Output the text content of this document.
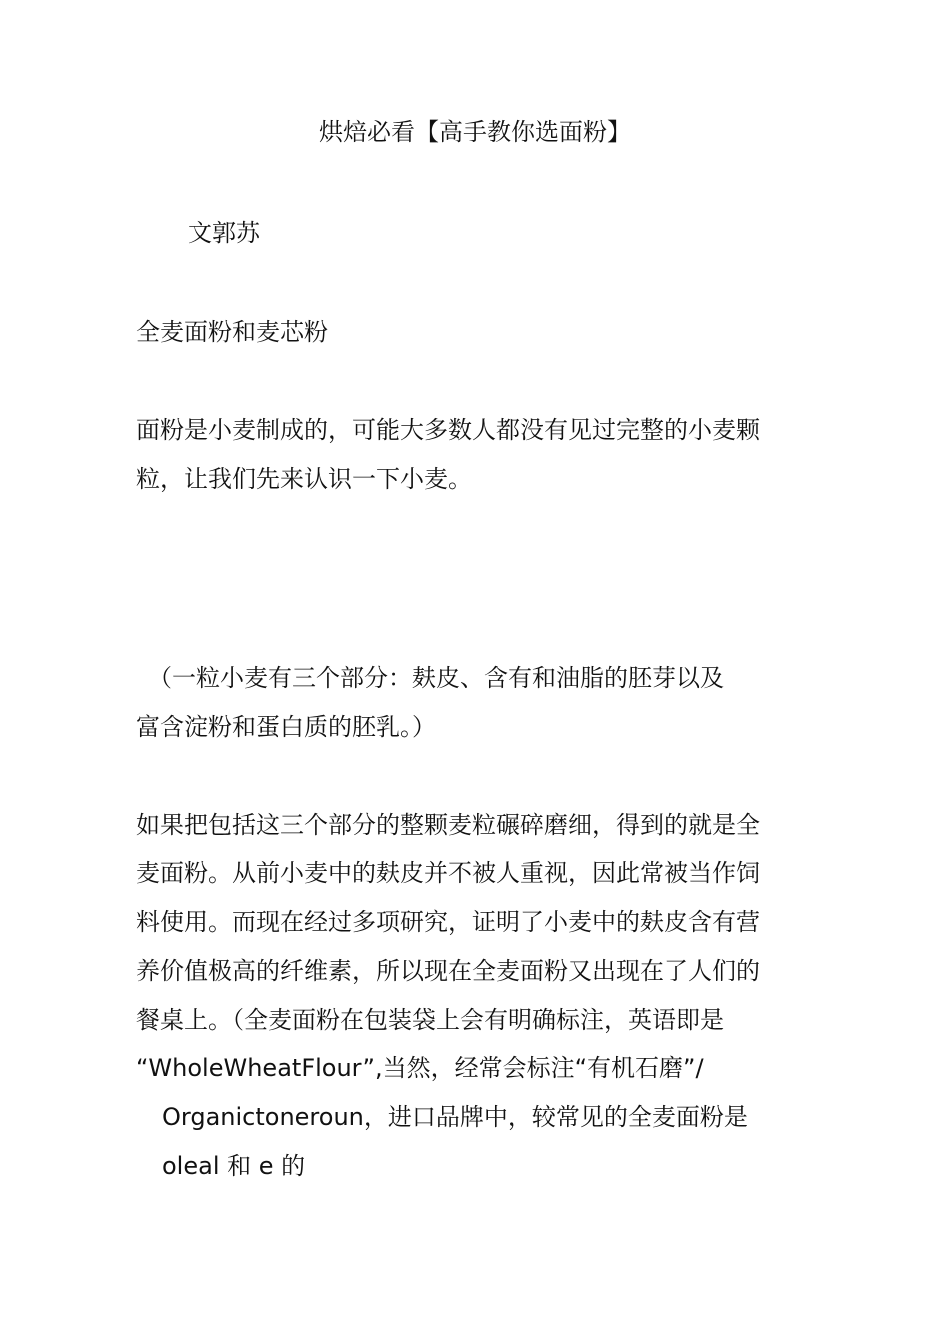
烘焙必看【高手教你选面粉】
文郭苏
全麦面粉和麦芯粉
面粉是小麦制成的，可能大多数人都没有见过完整的小麦颗
粒，让我们先来认识一下小麦。
（一粒小麦有三个部分：麸皮、含有和油脂的胚芽以及
富含淀粉和蛋白质的胚乳。）
如果把包括这三个部分的整颗麦粒碾碎磨细，得到的就是全
麦面粉。从前小麦中的麸皮并不被人重视，因此常被当作饲
料使用。而现在经过多项研究，证明了小麦中的麸皮含有营
养价值极高的纤维素，所以现在全麦面粉又出现在了人们的
餐桌上。（全麦面粉在包装袋上会有明确标注，英语即是
“WholeWheatFlour”,当然，经常会标注“有机石磨”/
Organictoneroun，进口品牌中，较常见的全麦面粉是
oleal 和 e 的
